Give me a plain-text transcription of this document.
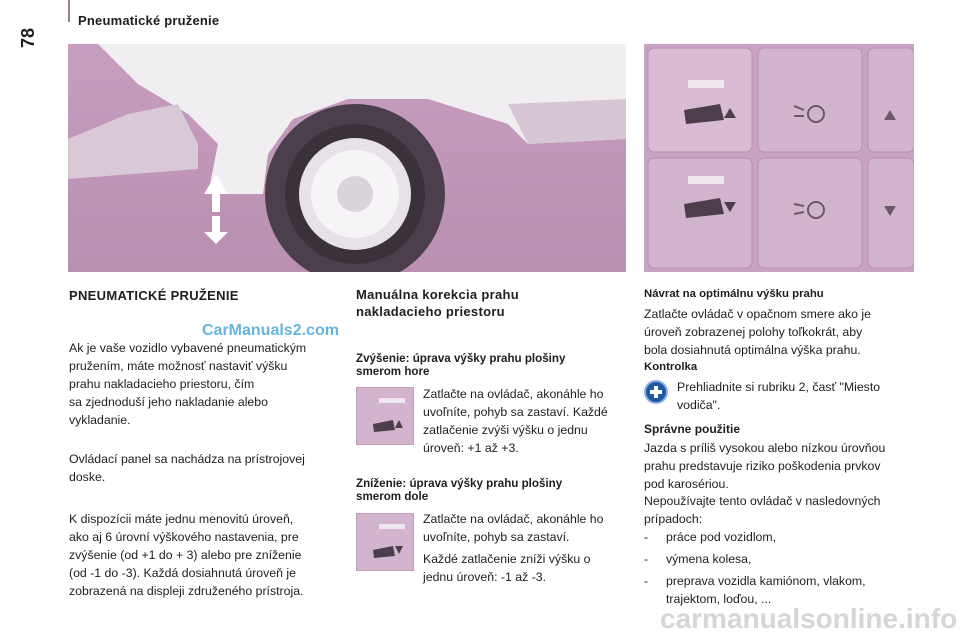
78
Pneumatické pruženie
PNEUMATICKÉ PRUŽENIE
CarManuals2.com

Ak je vaše vozidlo vybavené pneumatickým

pružením, máte možnosť nastaviť výšku

prahu nakladacieho priestoru, čím

sa zjednoduší jeho nakladanie alebo

vykladanie.

Ovládací panel sa nachádza na prístrojovej

doske.

K dispozícii máte jednu menovitú úroveň,

ako aj 6 úrovní výškového nastavenia, pre

zvýšenie (od +1 do + 3) alebo pre zníženie

(od -1 do -3). Každá dosiahnutá úroveň je

zobrazená na displeji združeného prístroja.

Manuálna korekcia prahu
nakladacieho priestoru
Zvýšenie: úprava výšky prahu plošiny
smerom hore

Zatlačte na ovládač, akonáhle ho

uvoľníte, pohyb sa zastaví. Každé

zatlačenie zvýši výšku o jednu

úroveň: +1 až +3.

Zníženie: úprava výšky prahu plošiny
smerom dole

Zatlačte na ovládač, akonáhle ho

uvoľníte, pohyb sa zastaví.

Každé zatlačenie zníži výšku o

jednu úroveň: -1 až -3.

Návrat na optimálnu výšku prahu

Zatlačte ovládač v opačnom smere ako je

úroveň zobrazenej polohy toľkokrát, aby

bola dosiahnutá optimálna výška prahu.

Kontrolka

Prehliadnite si rubriku 2, časť "Miesto

vodiča".

Správne použitie

Jazda s príliš vysokou alebo nízkou úrovňou

prahu predstavuje riziko poškodenia prvkov

pod karosériou.

Nepoužívajte tento ovládač v nasledovných

prípadoch:

-	práce pod vozidlom,
-	výmena kolesa,
-	preprava vozidla kamiónom, vlakom,
trajektom, loďou, ...
carmanualsonline.info
